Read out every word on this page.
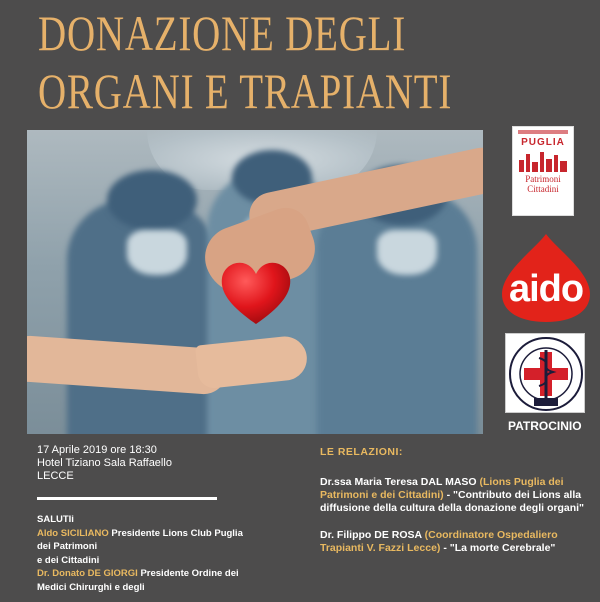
DONAZIONE DEGLI
ORGANI E TRAPIANTI
PUGLIA
Patrimoni
Cittadini
aido
PATROCINIO
17 Aprile 2019 ore 18:30
Hotel Tiziano Sala Raffaello
LECCE
SALUTIi
Aldo SICILIANO Presidente Lions Club Puglia dei Patrimoni
e dei Cittadini
Dr. Donato DE GIORGI Presidente Ordine dei Medici Chirurghi e degli
LE RELAZIONI:
Dr.ssa Maria Teresa DAL MASO (Lions Puglia dei Patrimoni e dei Cittadini) - "Contributo dei Lions alla diffusione della cultura della donazione degli organi"
Dr. Filippo DE ROSA (Coordinatore Ospedaliero Trapianti V. Fazzi Lecce) - "La morte Cerebrale"
